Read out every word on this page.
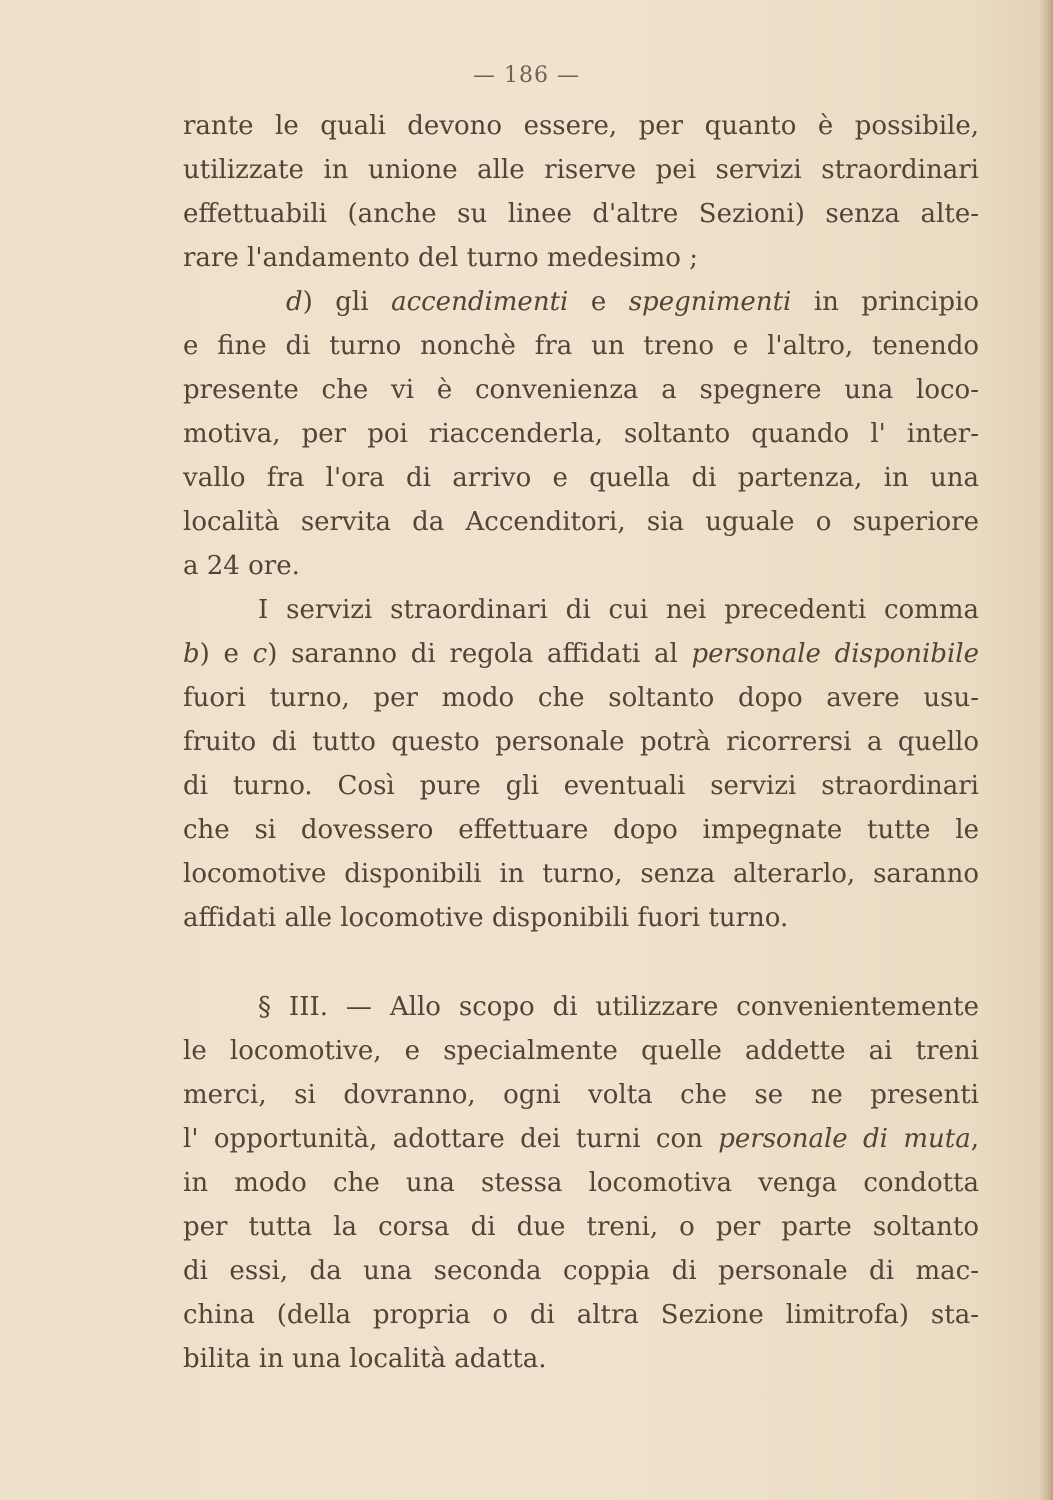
— 186 —
rante le quali devono essere, per quanto è possibile,
utilizzate in unione alle riserve pei servizi straordinari
effettuabili (anche su linee d'altre Sezioni) senza alte-
rare l'andamento del turno medesimo ;
d) gli accendimenti e spegnimenti in principio
e fine di turno nonchè fra un treno e l'altro, tenendo
presente che vi è convenienza a spegnere una loco-
motiva, per poi riaccenderla, soltanto quando l' inter-
vallo fra l'ora di arrivo e quella di partenza, in una
località servita da Accenditori, sia uguale o superiore
a 24 ore.
I servizi straordinari di cui nei precedenti comma
b) e c) saranno di regola affidati al personale disponibile
fuori turno, per modo che soltanto dopo avere usu-
fruito di tutto questo personale potrà ricorrersi a quello
di turno. Così pure gli eventuali servizi straordinari
che si dovessero effettuare dopo impegnate tutte le
locomotive disponibili in turno, senza alterarlo, saranno
affidati alle locomotive disponibili fuori turno.
§ III. — Allo scopo di utilizzare convenientemente
le locomotive, e specialmente quelle addette ai treni
merci, si dovranno, ogni volta che se ne presenti
l' opportunità, adottare dei turni con personale di muta,
in modo che una stessa locomotiva venga condotta
per tutta la corsa di due treni, o per parte soltanto
di essi, da una seconda coppia di personale di mac-
china (della propria o di altra Sezione limitrofa) sta-
bilita in una località adatta.
